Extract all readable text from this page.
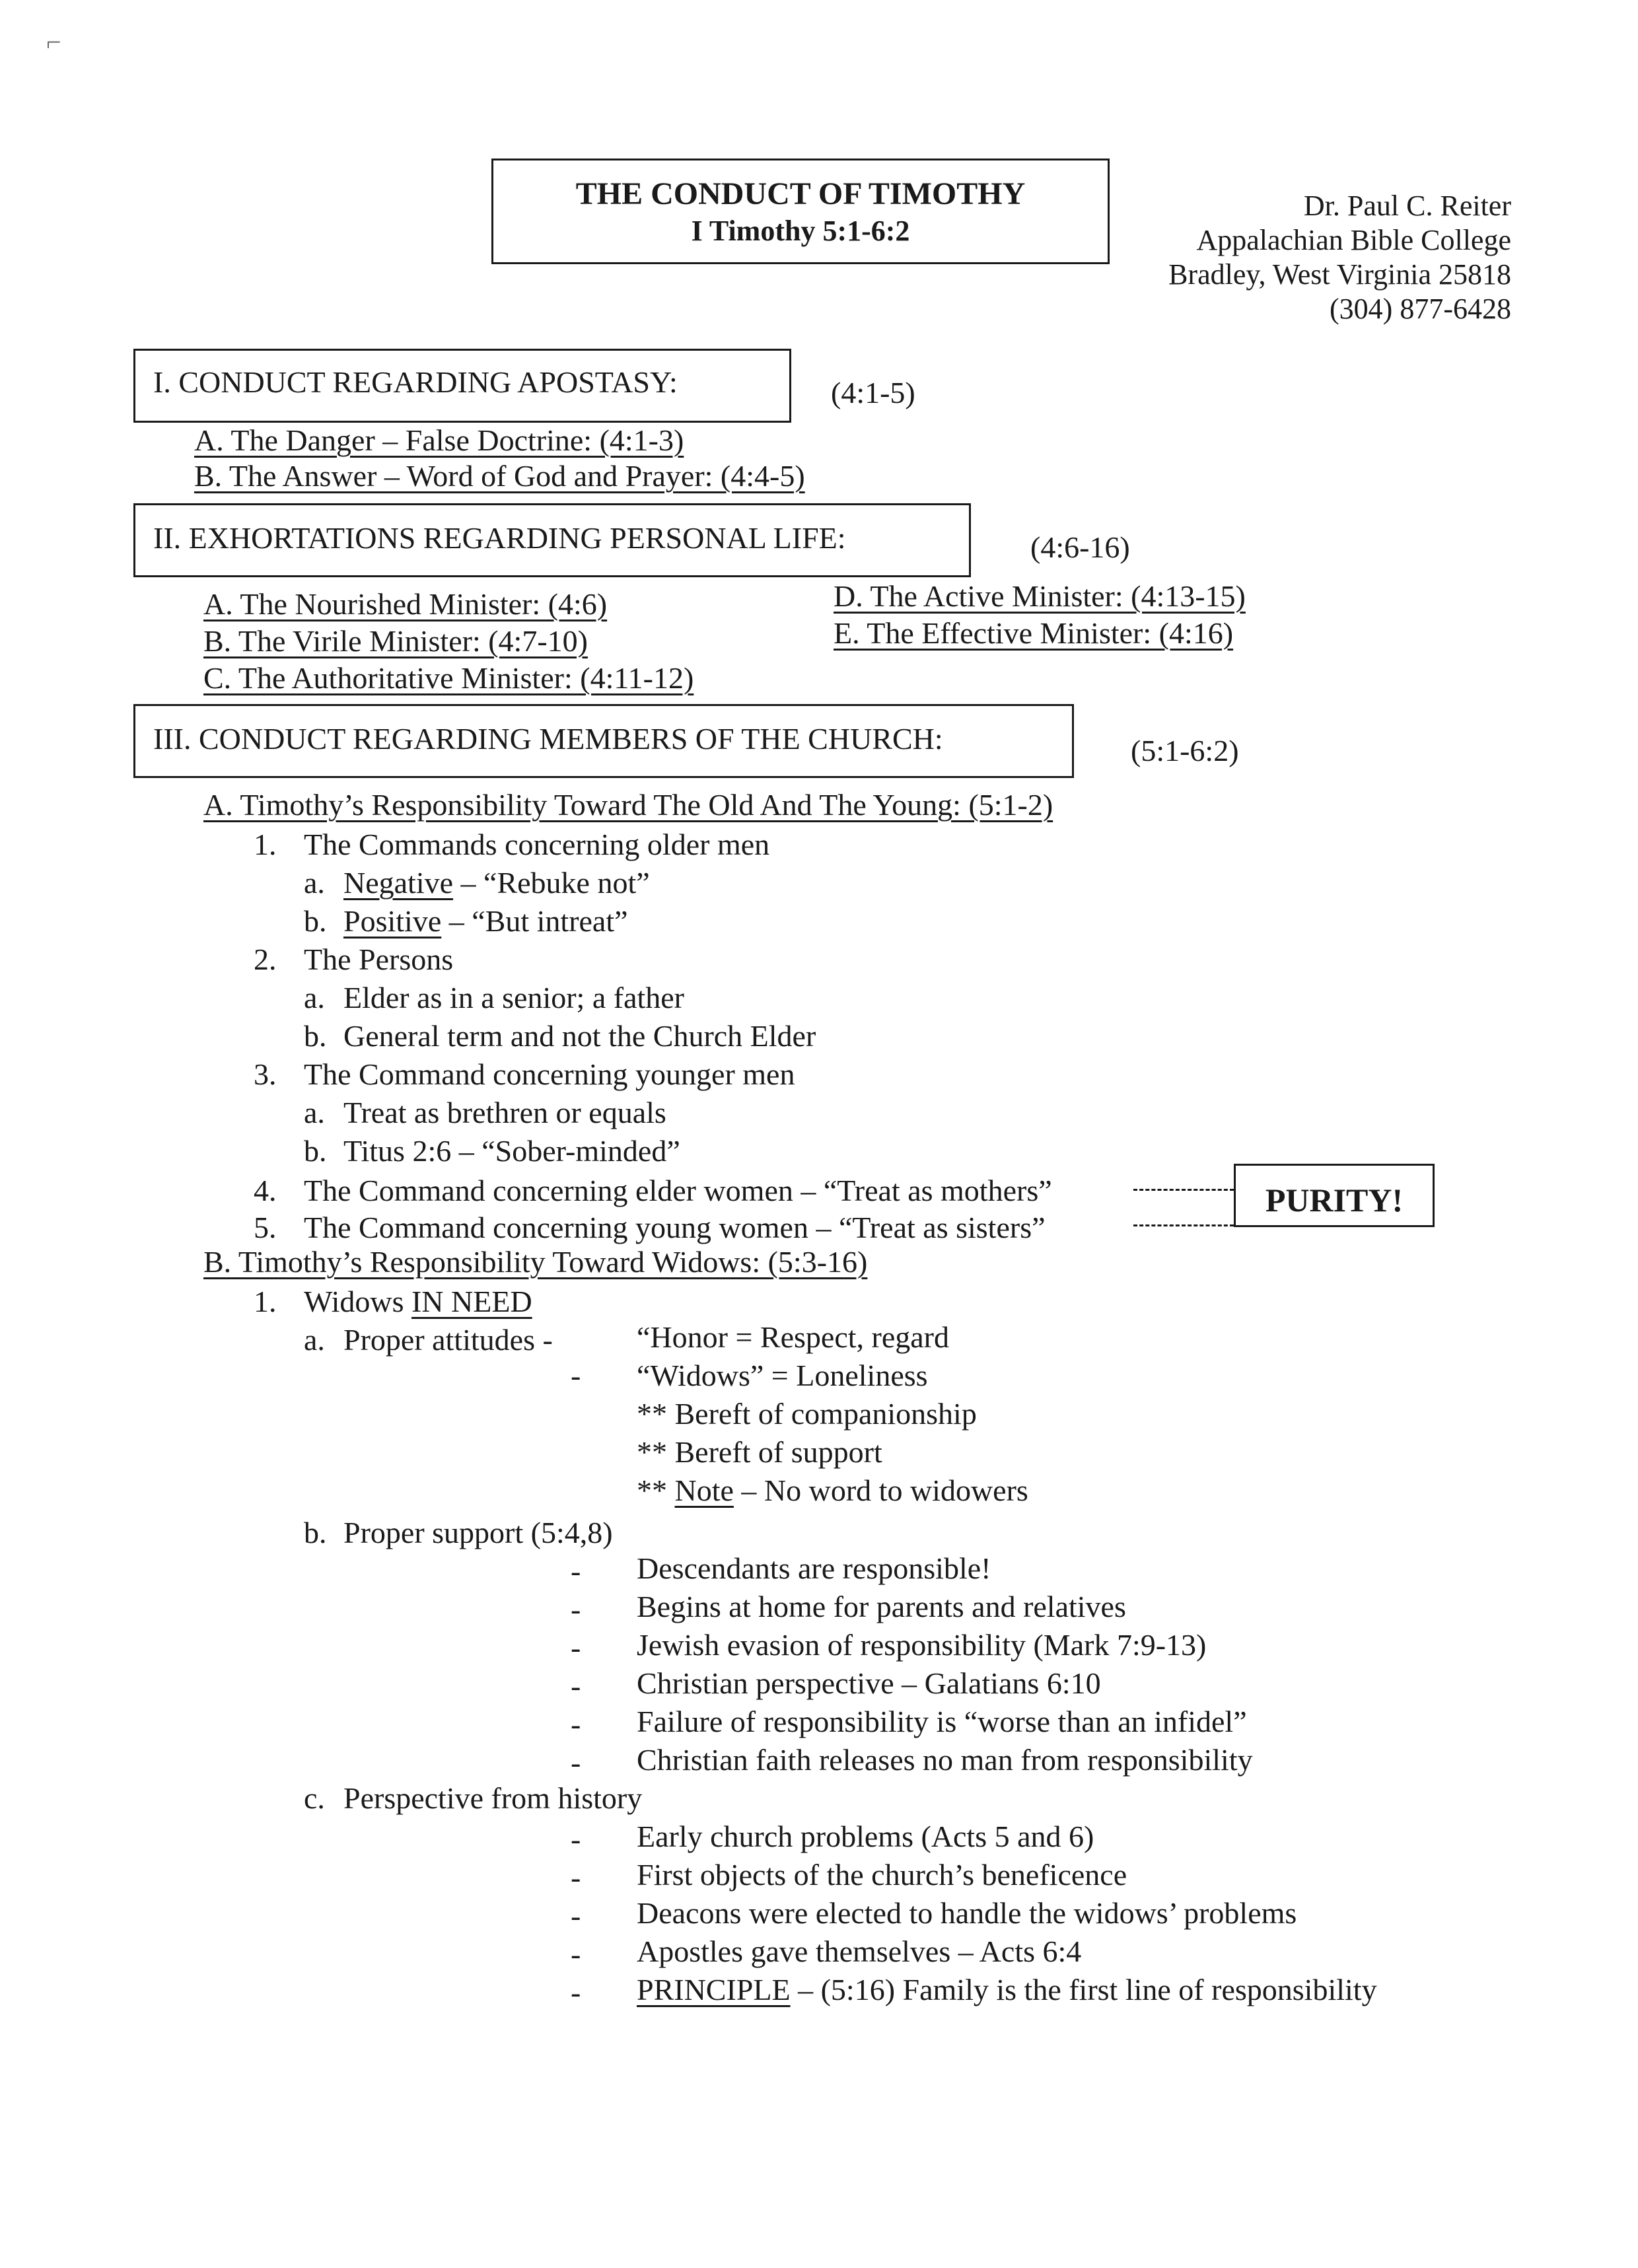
⌐
THE CONDUCT OF TIMOTHY
I Timothy 5:1-6:2
Dr. Paul C. Reiter
Appalachian Bible College
Bradley, West Virginia 25818
(304) 877-6428
I. CONDUCT REGARDING APOSTASY:	(4:1-5)
A. The Danger – False Doctrine: (4:1-3)
B. The Answer – Word of God and Prayer: (4:4-5)
II. EXHORTATIONS REGARDING PERSONAL LIFE:	(4:6-16)
A. The Nourished Minister: (4:6)
B. The Virile Minister: (4:7-10)
C. The Authoritative Minister: (4:11-12)
D. The Active Minister: (4:13-15)
E. The Effective Minister: (4:16)
III. CONDUCT REGARDING MEMBERS OF THE CHURCH:	(5:1-6:2)
A. Timothy’s Responsibility Toward The Old And The Young: (5:1-2)
1. The Commands concerning older men
a. Negative – “Rebuke not”
b. Positive – “But intreat”
2. The Persons
a. Elder as in a senior; a father
b. General term and not the Church Elder
3. The Command concerning younger men
a. Treat as brethren or equals
b. Titus 2:6 – “Sober-minded”
4. The Command concerning elder women – “Treat as mothers”
5. The Command concerning young women – “Treat as sisters”
PURITY!
B. Timothy’s Responsibility Toward Widows: (5:3-16)
1. Widows IN NEED
a. Proper attitudes -	“Honor = Respect, regard
- “Widows” = Loneliness
** Bereft of companionship
** Bereft of support
** Note – No word to widowers
b. Proper support (5:4,8)
- Descendants are responsible!
- Begins at home for parents and relatives
- Jewish evasion of responsibility (Mark 7:9-13)
- Christian perspective – Galatians 6:10
- Failure of responsibility is “worse than an infidel”
- Christian faith releases no man from responsibility
c. Perspective from history
- Early church problems (Acts 5 and 6)
- First objects of the church’s beneficence
- Deacons were elected to handle the widows’ problems
- Apostles gave themselves – Acts 6:4
- PRINCIPLE – (5:16) Family is the first line of responsibility
